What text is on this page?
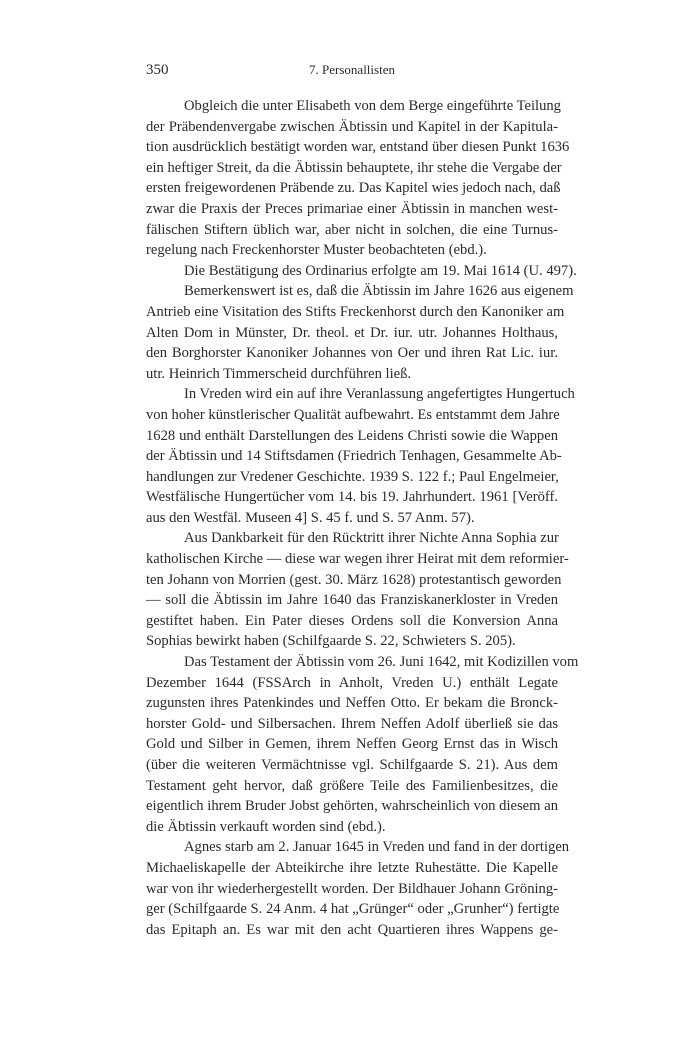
350	7. Personallisten
Obgleich die unter Elisabeth von dem Berge eingeführte Teilung
der Präbendenvergabe zwischen Äbtissin und Kapitel in der Kapitula-
tion ausdrücklich bestätigt worden war, entstand über diesen Punkt 1636
ein heftiger Streit, da die Äbtissin behauptete, ihr stehe die Vergabe der
ersten freigewordenen Präbende zu. Das Kapitel wies jedoch nach, daß
zwar die Praxis der Preces primariae einer Äbtissin in manchen west-
fälischen Stiftern üblich war, aber nicht in solchen, die eine Turnus-
regelung nach Freckenhorster Muster beobachteten (ebd.).
Die Bestätigung des Ordinarius erfolgte am 19. Mai 1614 (U. 497).
Bemerkenswert ist es, daß die Äbtissin im Jahre 1626 aus eigenem
Antrieb eine Visitation des Stifts Freckenhorst durch den Kanoniker am
Alten Dom in Münster, Dr. theol. et Dr. iur. utr. Johannes Holthaus,
den Borghorster Kanoniker Johannes von Oer und ihren Rat Lic. iur.
utr. Heinrich Timmerscheid durchführen ließ.
In Vreden wird ein auf ihre Veranlassung angefertigtes Hungertuch
von hoher künstlerischer Qualität aufbewahrt. Es entstammt dem Jahre
1628 und enthält Darstellungen des Leidens Christi sowie die Wappen
der Äbtissin und 14 Stiftsdamen (Friedrich Tenhagen, Gesammelte Ab-
handlungen zur Vredener Geschichte. 1939 S. 122 f.; Paul Engelmeier,
Westfälische Hungertücher vom 14. bis 19. Jahrhundert. 1961 [Veröff.
aus den Westfäl. Museen 4] S. 45 f. und S. 57 Anm. 57).
Aus Dankbarkeit für den Rücktritt ihrer Nichte Anna Sophia zur
katholischen Kirche — diese war wegen ihrer Heirat mit dem reformier-
ten Johann von Morrien (gest. 30. März 1628) protestantisch geworden
— soll die Äbtissin im Jahre 1640 das Franziskanerkloster in Vreden
gestiftet haben. Ein Pater dieses Ordens soll die Konversion Anna
Sophias bewirkt haben (Schilfgaarde S. 22, Schwieters S. 205).
Das Testament der Äbtissin vom 26. Juni 1642, mit Kodizillen vom
Dezember 1644 (FSSArch in Anholt, Vreden U.) enthält Legate
zugunsten ihres Patenkindes und Neffen Otto. Er bekam die Bronck-
horster Gold- und Silbersachen. Ihrem Neffen Adolf überließ sie das
Gold und Silber in Gemen, ihrem Neffen Georg Ernst das in Wisch
(über die weiteren Vermächtnisse vgl. Schilfgaarde S. 21). Aus dem
Testament geht hervor, daß größere Teile des Familienbesitzes, die
eigentlich ihrem Bruder Jobst gehörten, wahrscheinlich von diesem an
die Äbtissin verkauft worden sind (ebd.).
Agnes starb am 2. Januar 1645 in Vreden und fand in der dortigen
Michaeliskapelle der Abteikirche ihre letzte Ruhestätte. Die Kapelle
war von ihr wiederhergestellt worden. Der Bildhauer Johann Gröning-
ger (Schilfgaarde S. 24 Anm. 4 hat „Grünger“ oder „Grunher“) fertigte
das Epitaph an. Es war mit den acht Quartieren ihres Wappens ge-
